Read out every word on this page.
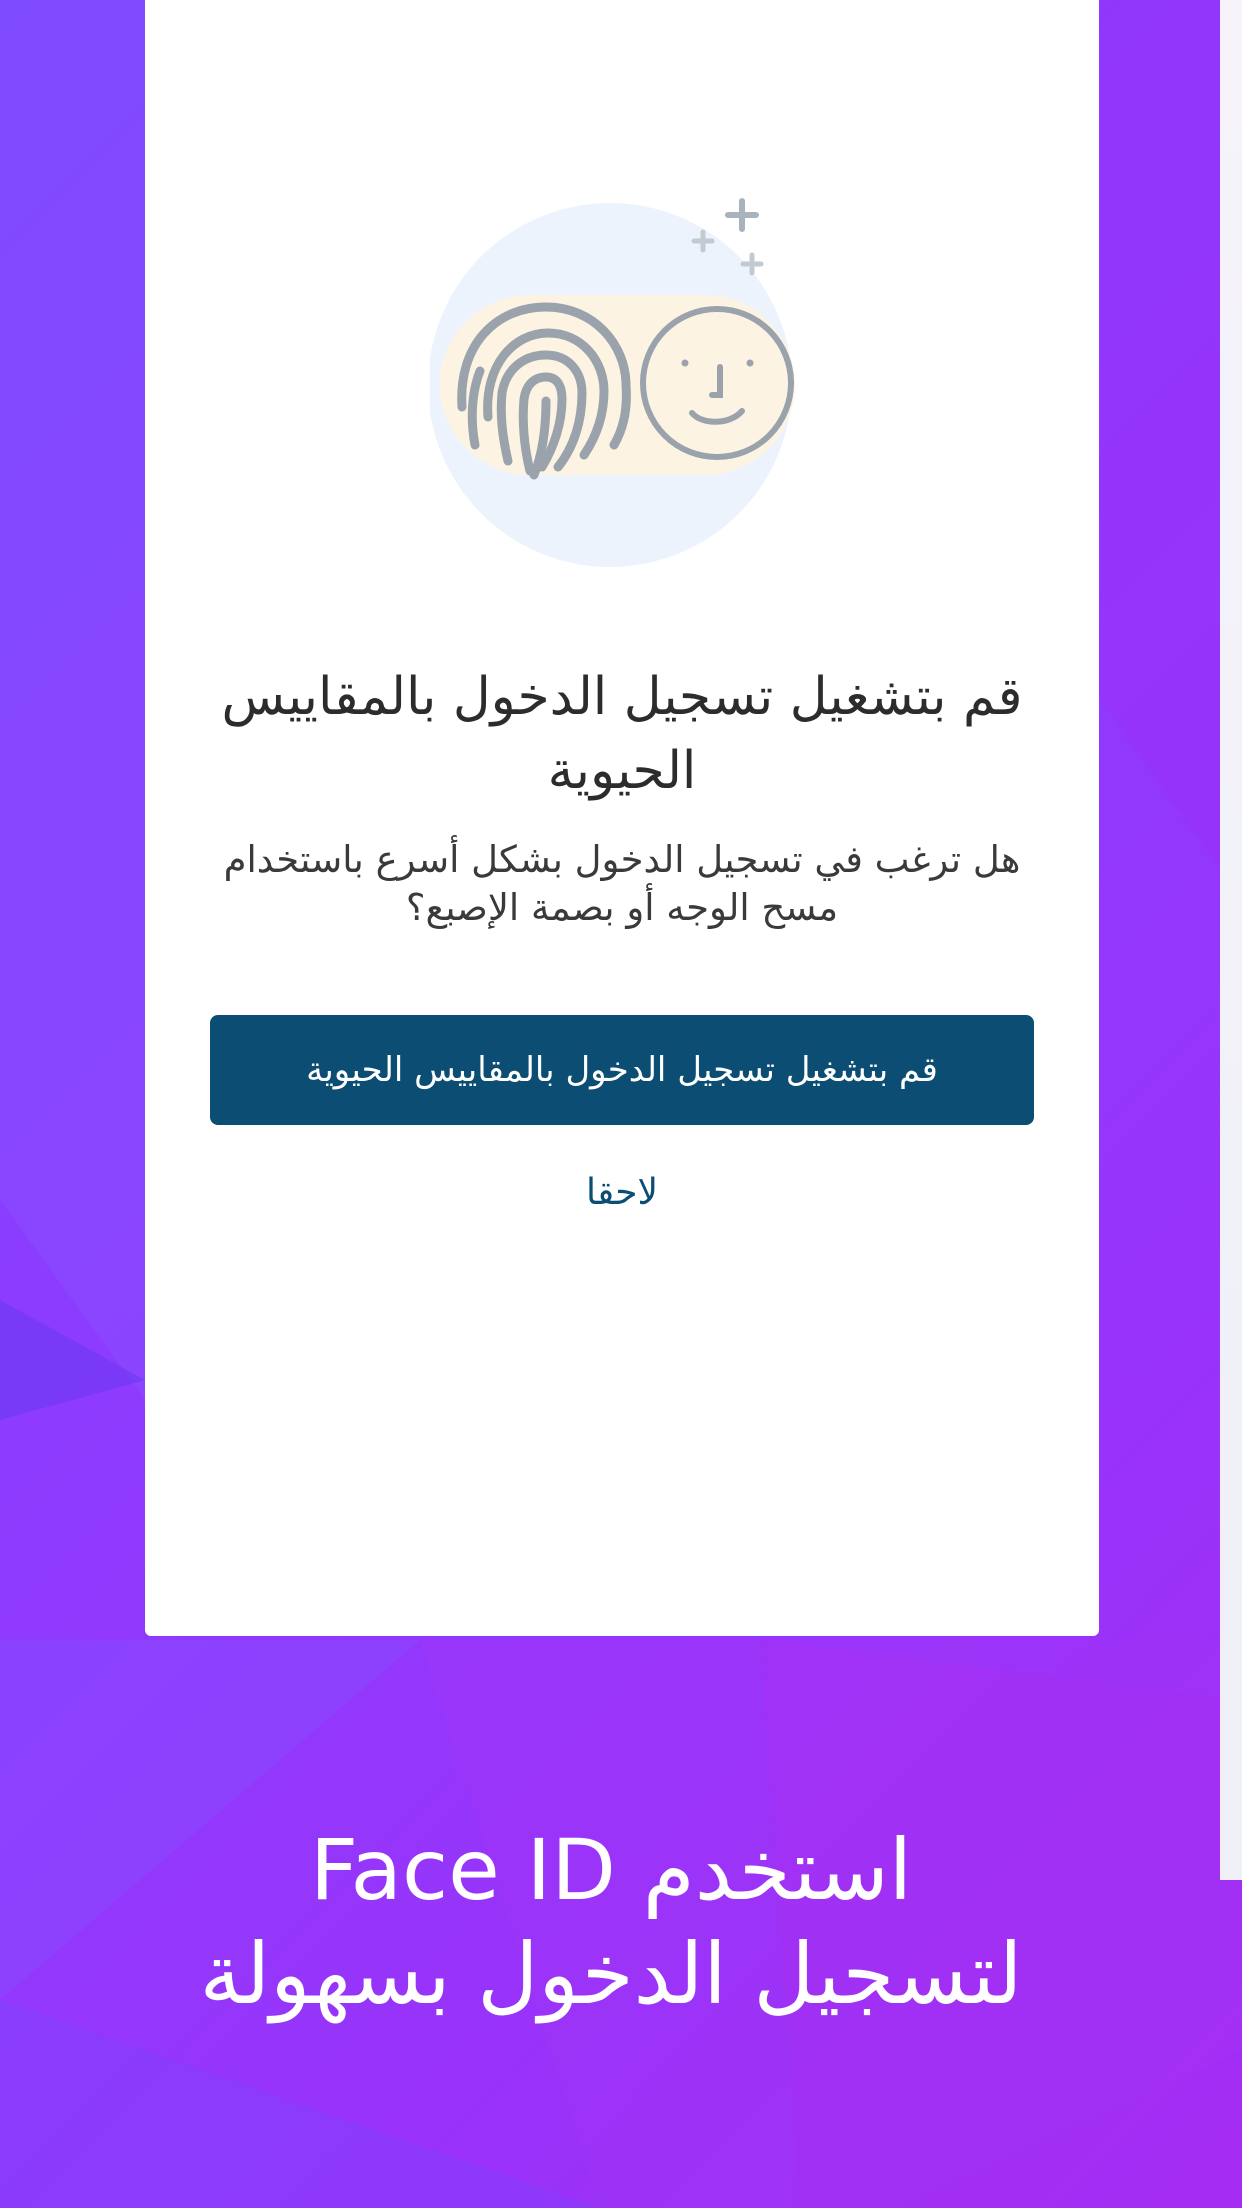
قم بتشغيل تسجيل الدخول بالمقاييس الحيوية
هل ترغب في تسجيل الدخول بشكل أسرع باستخدام مسح الوجه أو بصمة الإصبع؟
قم بتشغيل تسجيل الدخول بالمقاييس الحيوية
لاحقا
استخدم Face ID
لتسجيل الدخول بسهولة
